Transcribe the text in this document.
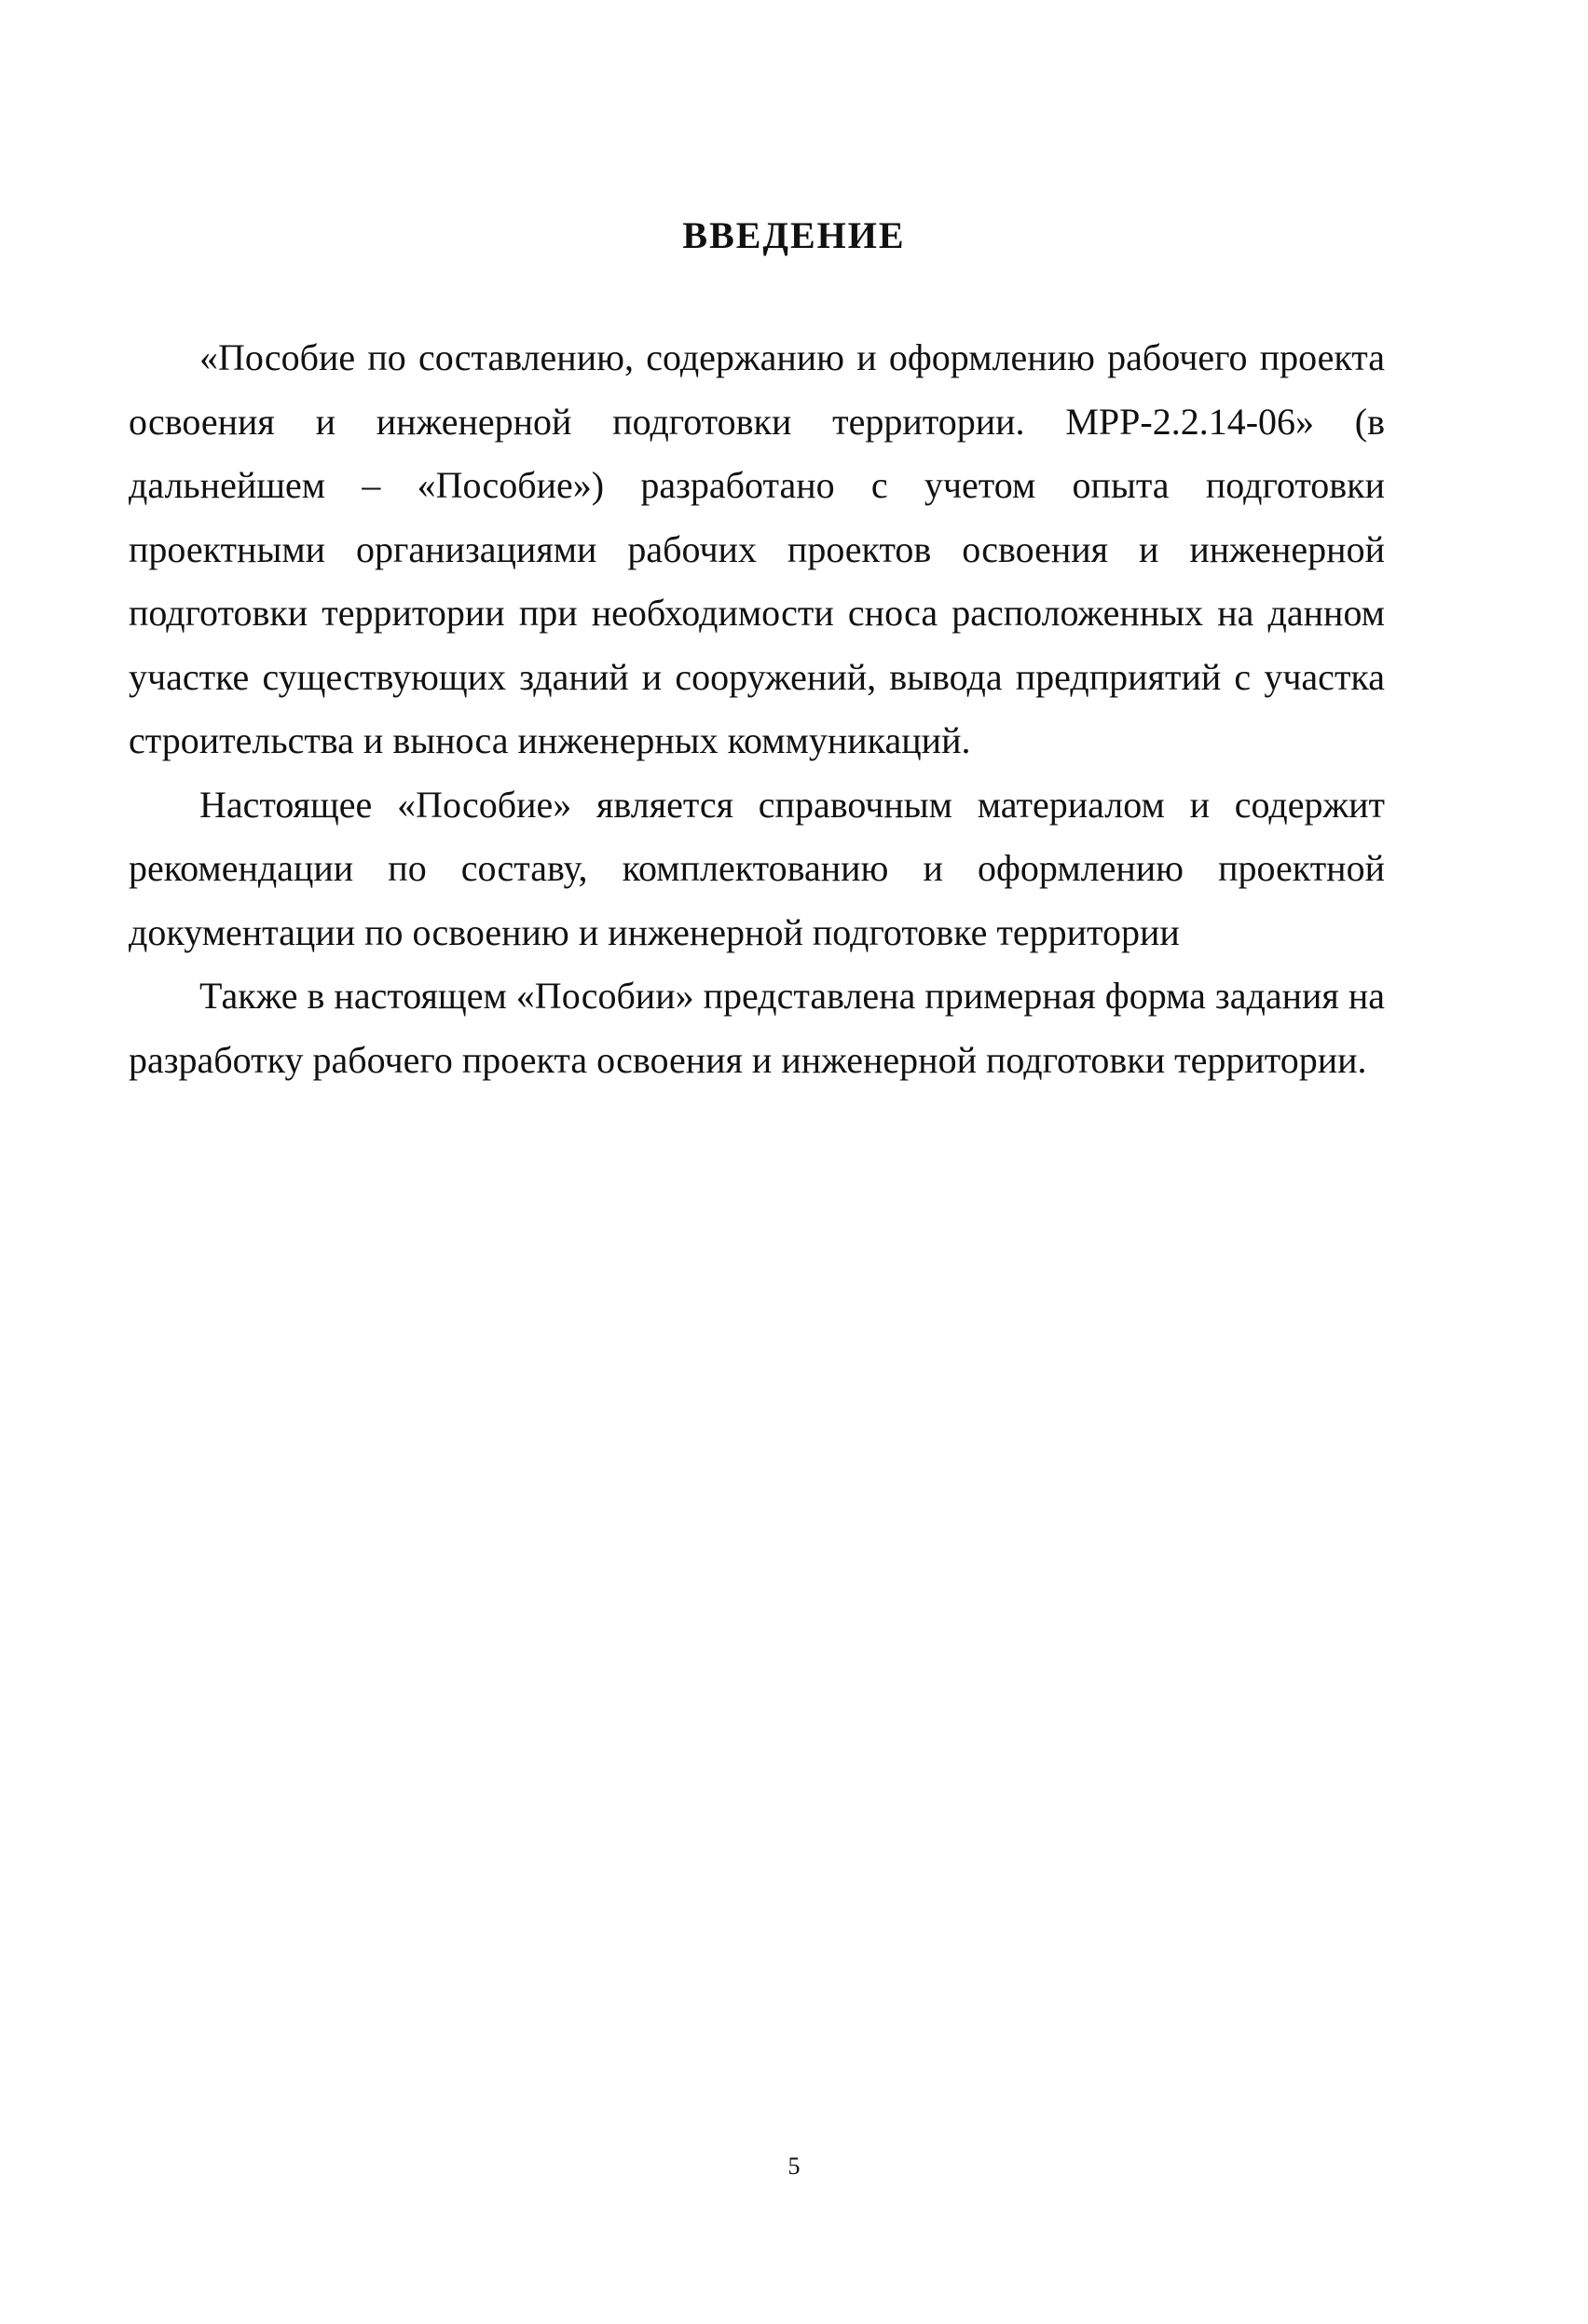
ВВЕДЕНИЕ

«Пособие по составлению, содержанию и оформлению рабочего проекта освоения и инженерной подготовки территории. МРР-2.2.14-06» (в дальнейшем – «Пособие») разработано с учетом опыта подготовки проектными организациями рабочих проектов освоения и инженерной подготовки территории при необходимости сноса расположенных на данном участке существующих зданий и сооружений, вывода предприятий с участка строительства и выноса инженерных коммуникаций.

Настоящее «Пособие» является справочным материалом и содержит рекомендации по составу, комплектованию и оформлению проектной документации по освоению и инженерной подготовке территории

Также в настоящем «Пособии» представлена примерная форма задания на разработку рабочего проекта освоения и инженерной подготовки территории.

5
